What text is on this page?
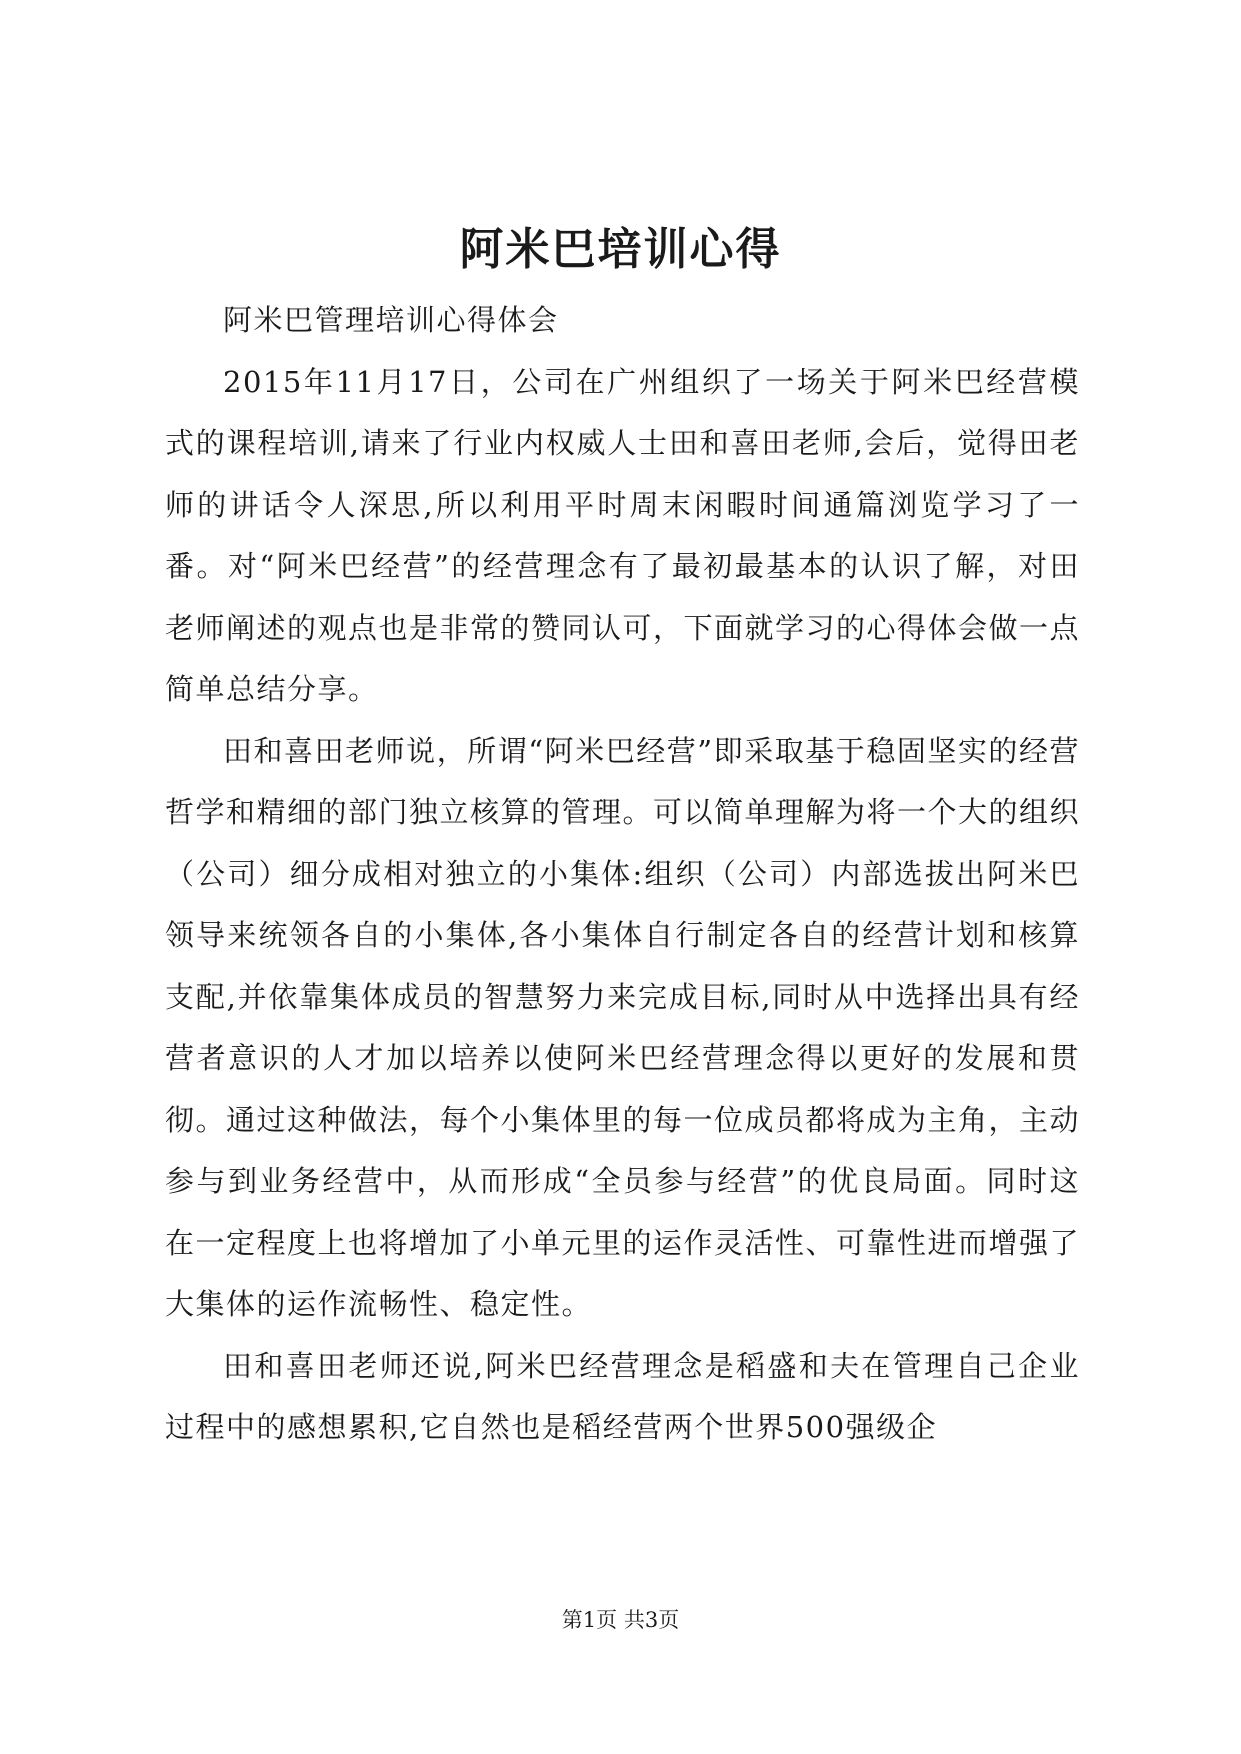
阿米巴培训心得

阿米巴管理培训心得体会

2015年11月17日，公司在广州组织了一场关于阿米巴经营模式的课程培训,请来了行业内权威人士田和喜田老师,会后，觉得田老师的讲话令人深思,所以利用平时周末闲暇时间通篇浏览学习了一番。对“阿米巴经营”的经营理念有了最初最基本的认识了解，对田老师阐述的观点也是非常的赞同认可，下面就学习的心得体会做一点简单总结分享。

田和喜田老师说，所谓“阿米巴经营”即采取基于稳固坚实的经营哲学和精细的部门独立核算的管理。可以简单理解为将一个大的组织（公司）细分成相对独立的小集体:组织（公司）内部选拔出阿米巴领导来统领各自的小集体,各小集体自行制定各自的经营计划和核算支配,并依靠集体成员的智慧努力来完成目标,同时从中选择出具有经营者意识的人才加以培养以使阿米巴经营理念得以更好的发展和贯彻。通过这种做法，每个小集体里的每一位成员都将成为主角，主动参与到业务经营中，从而形成“全员参与经营”的优良局面。同时这在一定程度上也将增加了小单元里的运作灵活性、可靠性进而增强了大集体的运作流畅性、稳定性。

田和喜田老师还说,阿米巴经营理念是稻盛和夫在管理自己企业过程中的感想累积,它自然也是稻经营两个世界500强级企

第1页 共3页
